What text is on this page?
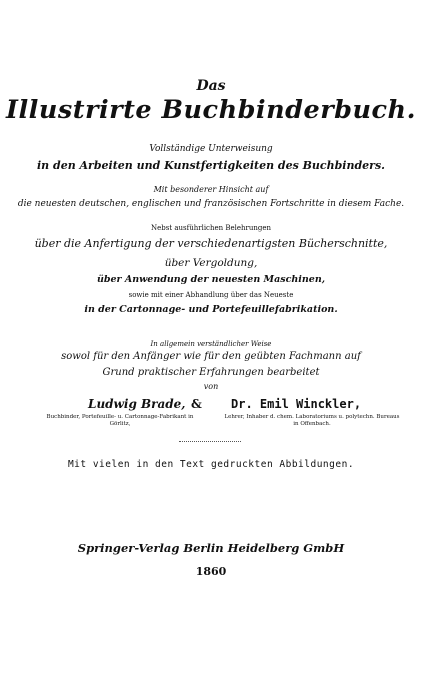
Das
Illustrirte Buchbinderbuch.
Vollständige Unterweisung
in den Arbeiten und Kunstfertigkeiten des Buchbinders.
Mit besonderer Hinsicht auf
die neuesten deutschen, englischen und französischen Fortschritte in diesem Fache.
Nebst ausführlichen Belehrungen
über die Anfertigung der verschiedenartigsten Bücherschnitte,
über Vergoldung,
über Anwendung der neuesten Maschinen,
sowie mit einer Abhandlung über das Neueste
in der Cartonnage- und Portefeuillefabrikation.
In allgemein verständlicher Weise
sowol für den Anfänger wie für den geübten Fachmann auf
Grund praktischer Erfahrungen bearbeitet
von
Ludwig Brade, & Dr. Emil Winckler,
Buchbinder, Portefeuille- u. Cartonnage-Fabrikant in Görlitz,
Lehrer, Inhaber d. chem. Laboratoriums u. polytechn. Bureaus in Offenbach.
Mit vielen in den Text gedruckten Abbildungen.
Springer-Verlag Berlin Heidelberg GmbH
1860
